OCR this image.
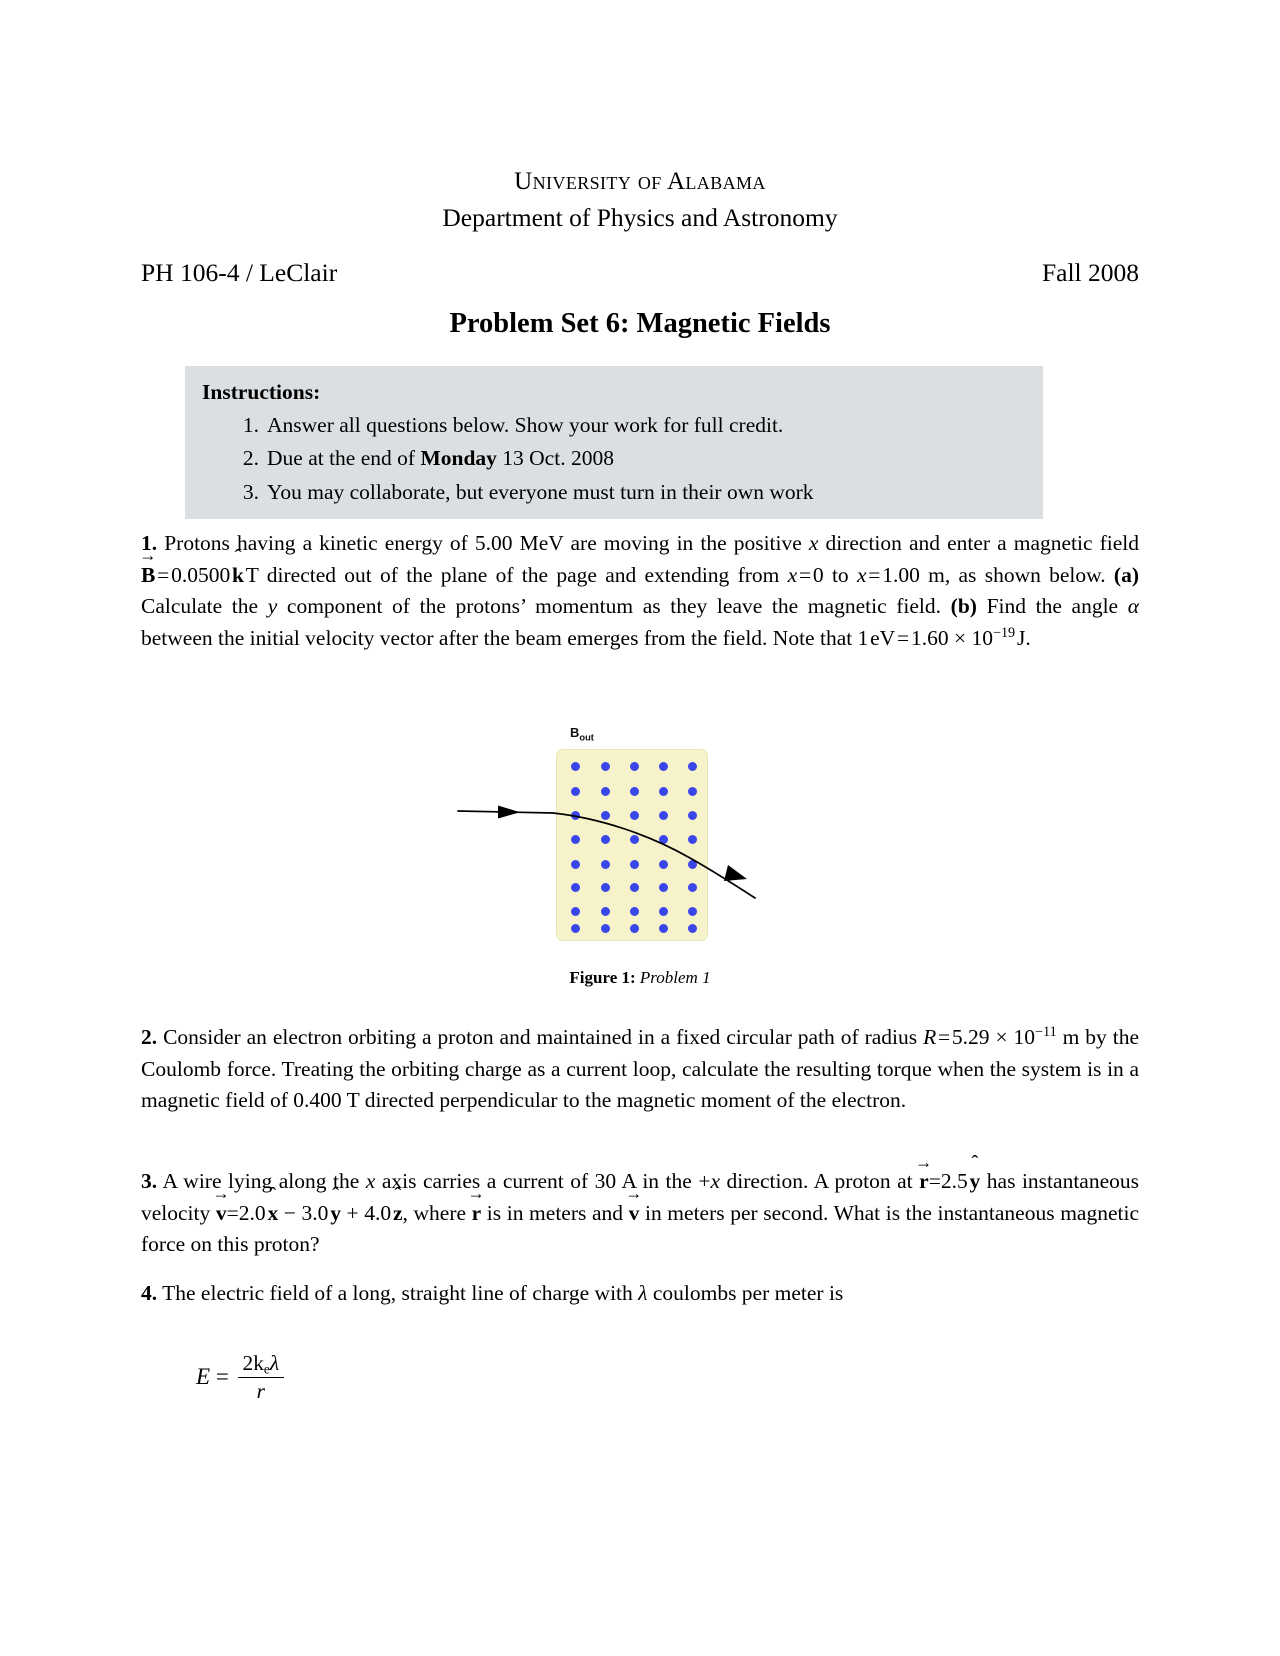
University of Alabama
Department of Physics and Astronomy
PH 106-4 / LeClair	Fall 2008
Problem Set 6: Magnetic Fields
Instructions:
1. Answer all questions below. Show your work for full credit.
2. Due at the end of Monday 13 Oct. 2008
3. You may collaborate, but everyone must turn in their own work
1. Protons having a kinetic energy of 5.00 MeV are moving in the positive x direction and enter a magnetic field B → = 0.0500 k ˆ T directed out of the plane of the page and extending from x = 0 to x = 1.00 m, as shown below. (a) Calculate the y component of the protons’ momentum as they leave the magnetic field. (b) Find the angle α between the initial velocity vector after the beam emerges from the field. Note that 1 eV = $1.60 \times 10^{-19}$ J.
$B_{out}$
Figure 1: Problem 1
2. Consider an electron orbiting a proton and maintained in a fixed circular path of radius R = $5.29 \times 10^{-11}$ m by the Coulomb force. Treating the orbiting charge as a current loop, calculate the resulting torque when the system is in a magnetic field of 0.400 T directed perpendicular to the magnetic moment of the electron.
3. A wire lying along the x axis carries a current of 30 A in the +x direction. A proton at r →=2.5 y ˆ has instantaneous velocity v →=2.0 x ˆ − 3.0 y ˆ + 4.0 z ˆ, where r → is in meters and v → in meters per second. What is the instantaneous magnetic force on this proton?
4. The electric field of a long, straight line of charge with λ coulombs per meter is
$E = \frac{2k_e\lambda}{r}$
